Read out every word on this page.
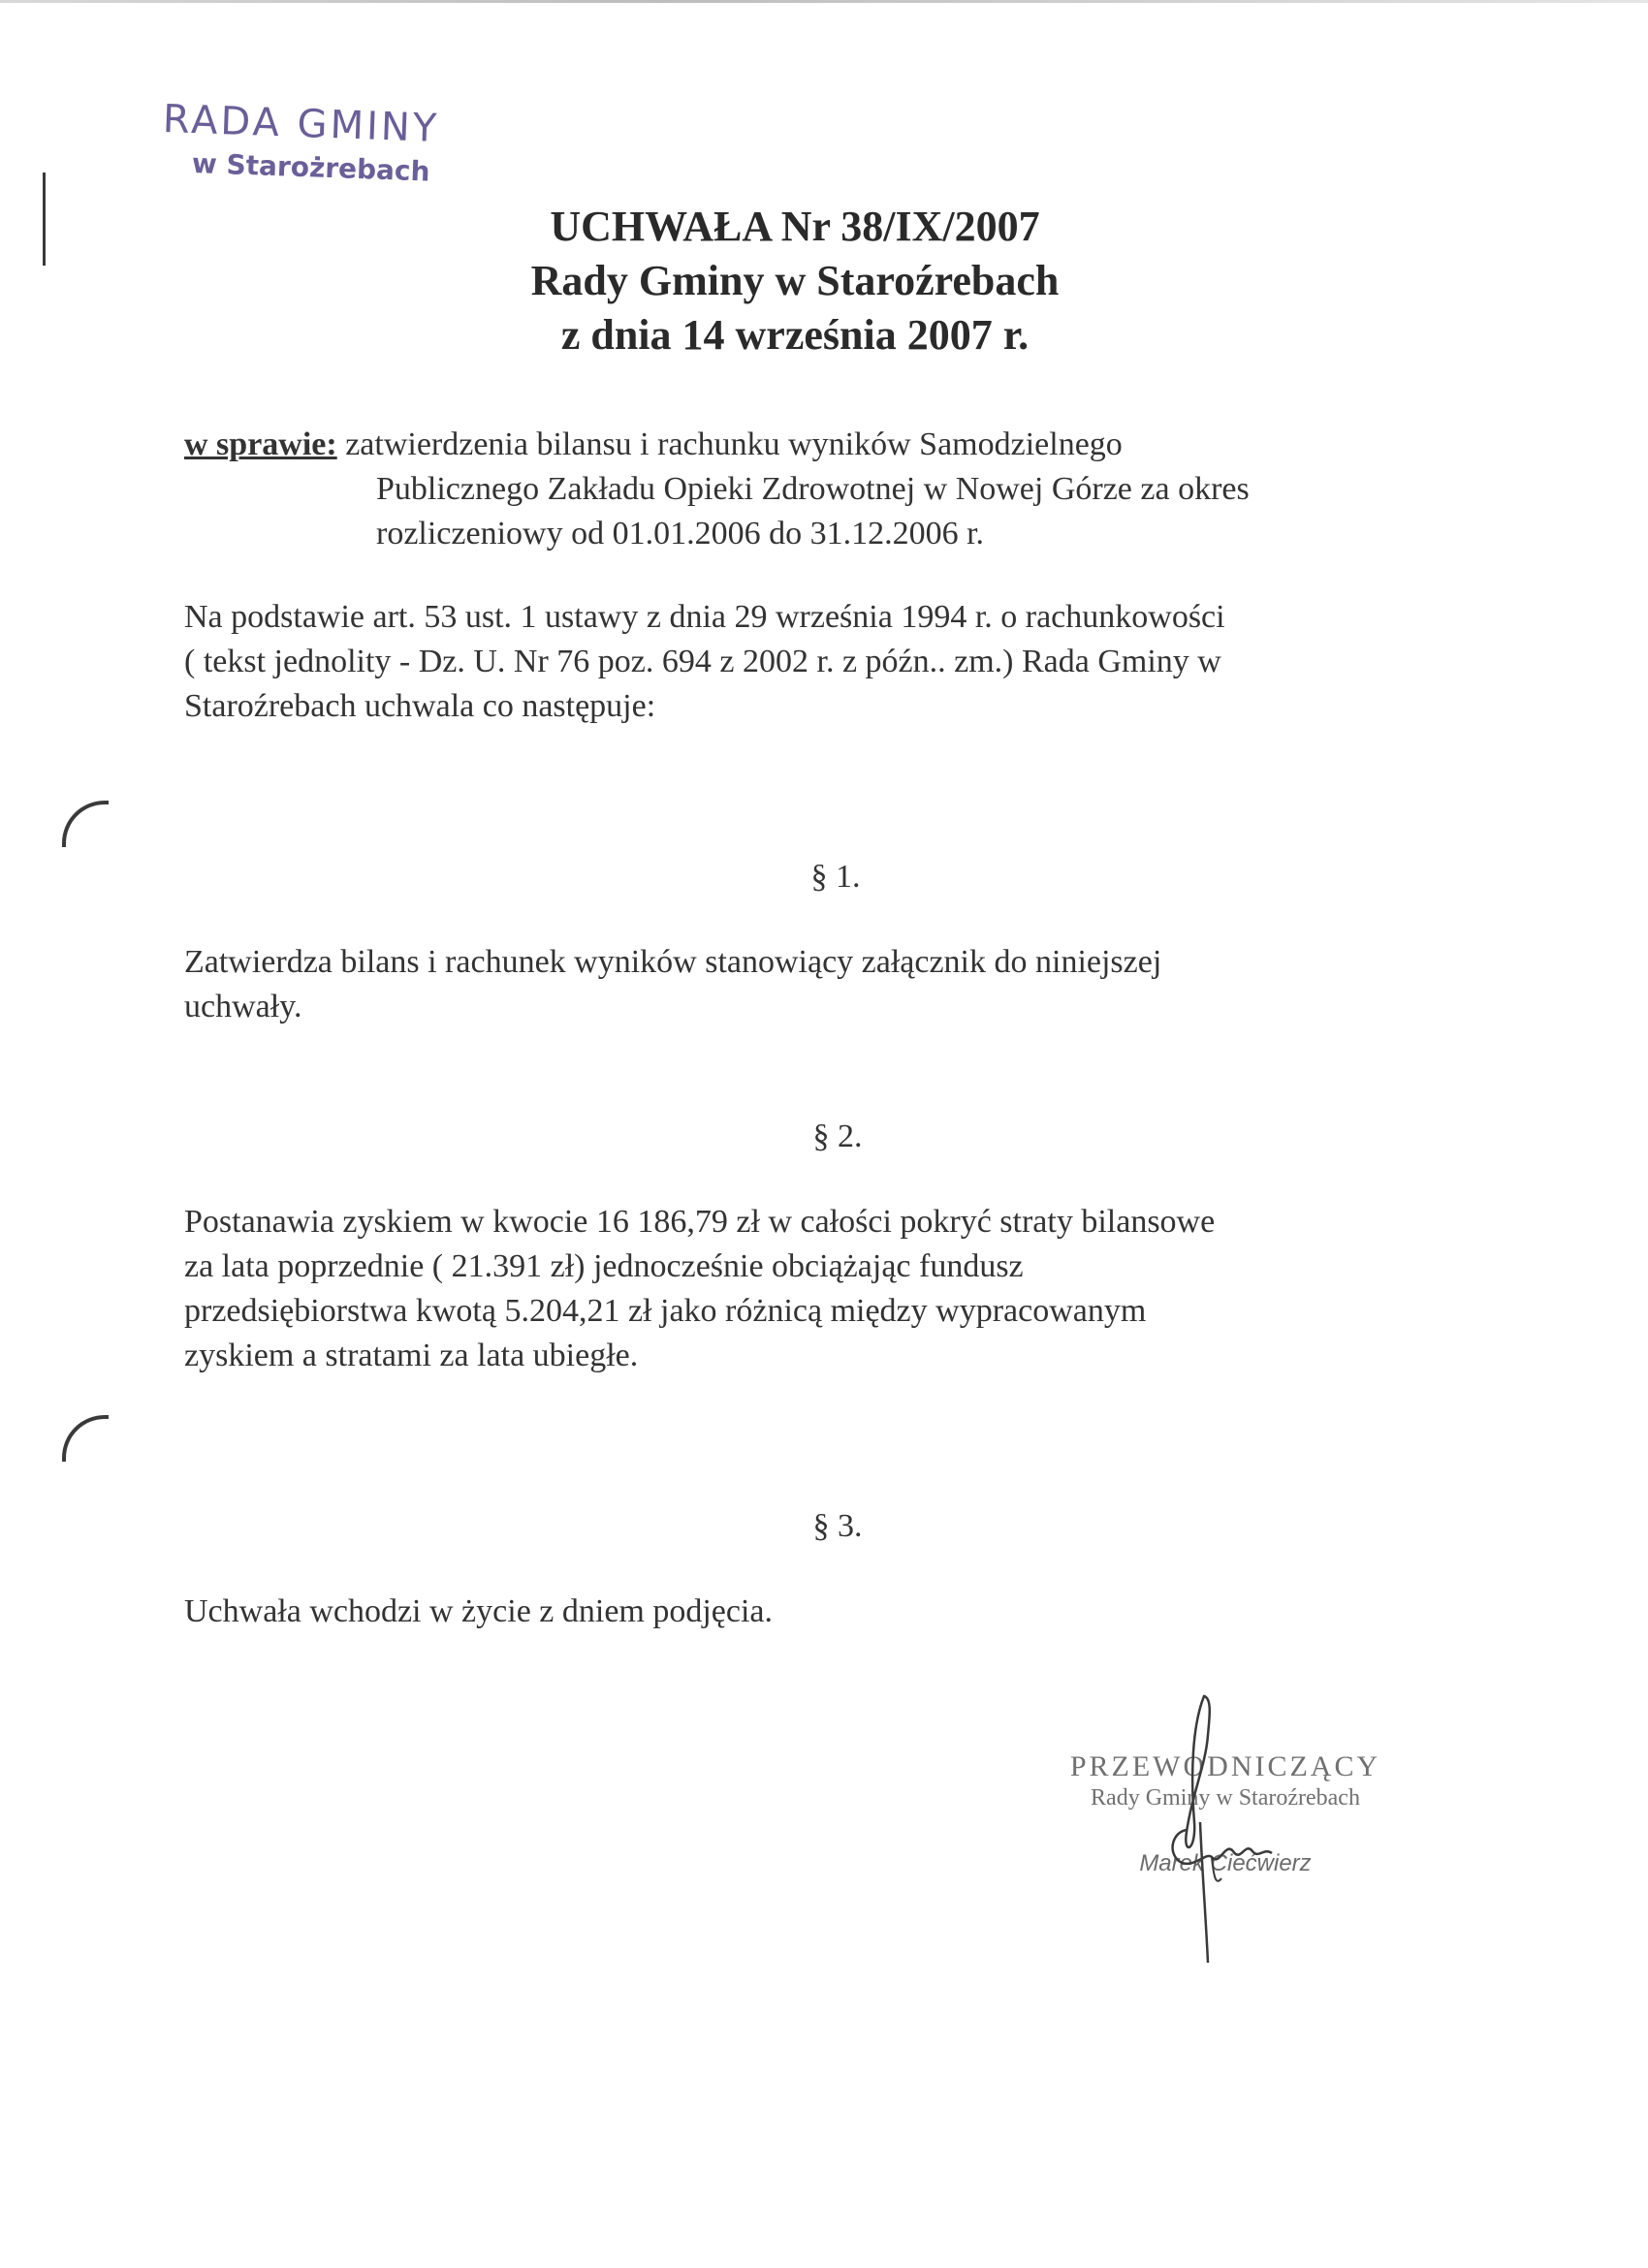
RADA GMINY
w Starożrebach
UCHWAŁA Nr 38/IX/2007
Rady Gminy w Staroźrebach
z dnia 14 września 2007 r.
w sprawie: zatwierdzenia bilansu i rachunku wyników Samodzielnego
Publicznego Zakładu Opieki Zdrowotnej w Nowej Górze za okres
rozliczeniowy od 01.01.2006 do 31.12.2006 r.
Na podstawie art. 53 ust. 1 ustawy z dnia 29 września 1994 r. o rachunkowości
( tekst jednolity - Dz. U. Nr 76 poz. 694 z 2002 r. z późn.. zm.) Rada Gminy w
Staroźrebach uchwala co następuje:
§ 1.
Zatwierdza bilans i rachunek wyników stanowiący załącznik do niniejszej
uchwały.
§ 2.
Postanawia zyskiem w kwocie 16 186,79 zł w całości pokryć straty bilansowe
za lata poprzednie ( 21.391 zł) jednocześnie obciążając fundusz
przedsiębiorstwa kwotą 5.204,21 zł jako różnicą między wypracowanym
zyskiem a stratami za lata ubiegłe.
§ 3.
Uchwała wchodzi w życie z dniem podjęcia.
PRZEWODNICZĄCY
Rady Gminy w Staroźrebach
Marek Ciećwierz
